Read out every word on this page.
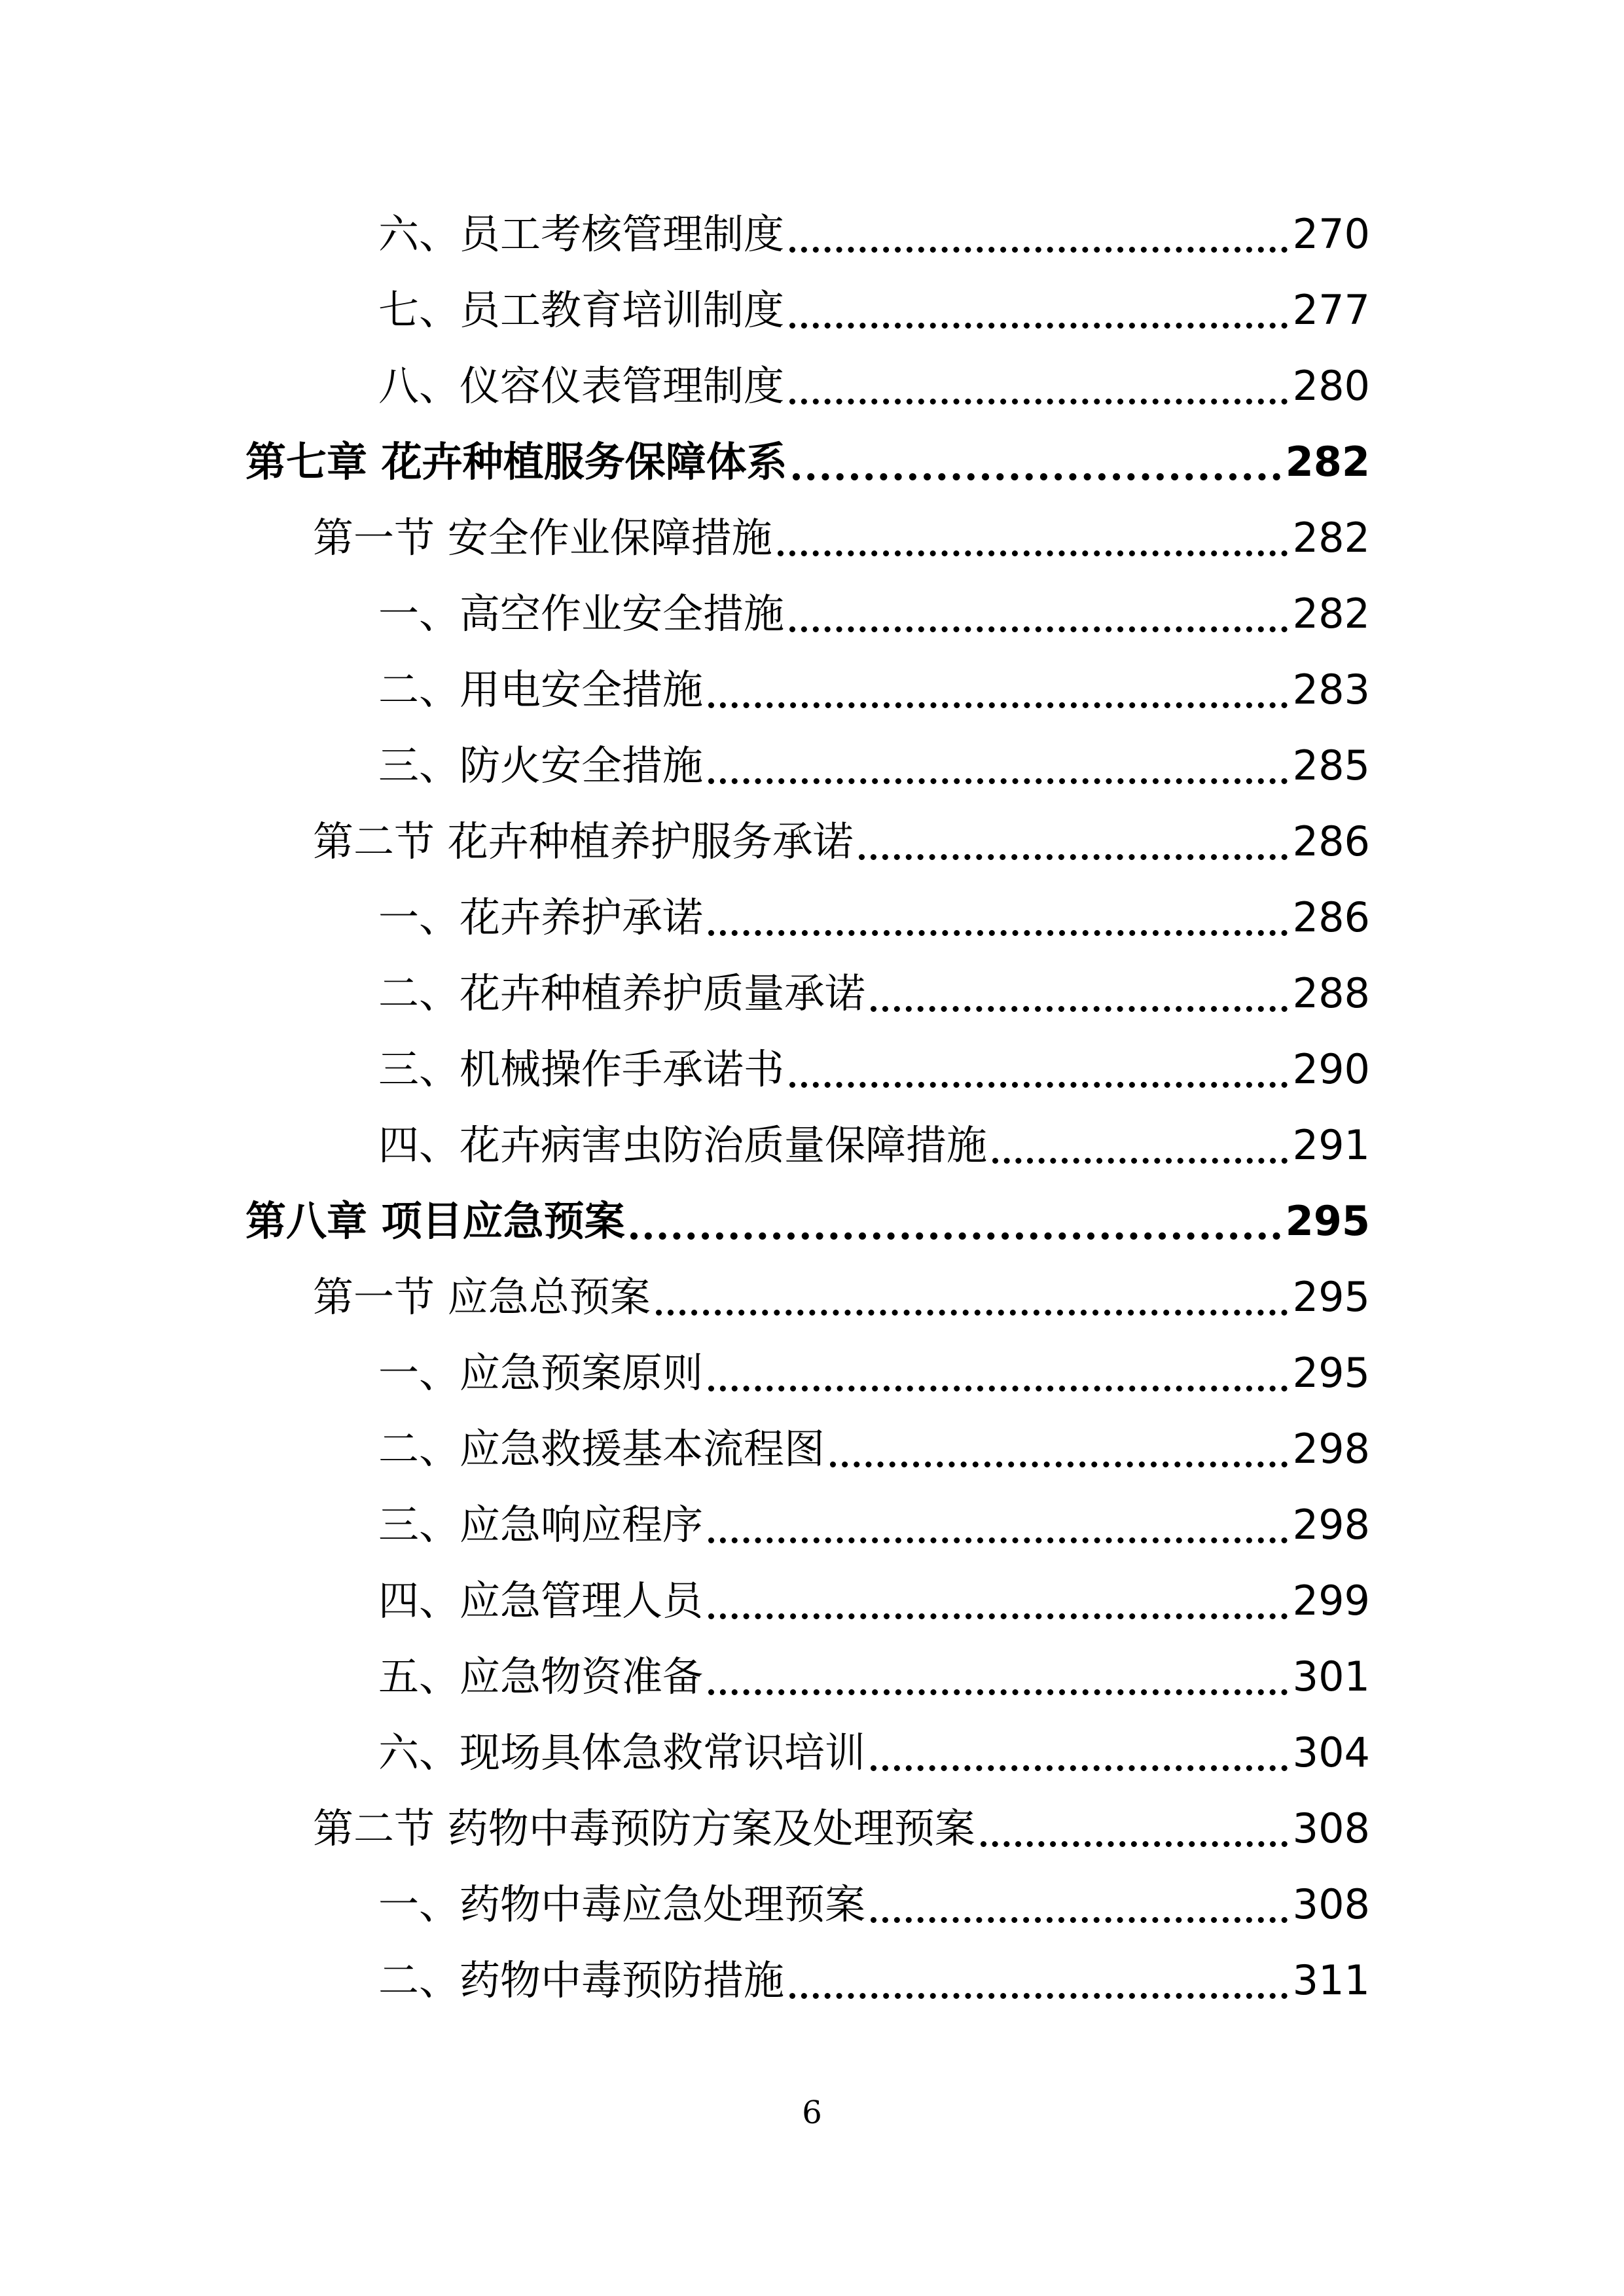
六、员工考核管理制度	270
七、员工教育培训制度	277
八、仪容仪表管理制度	280
第七章 花卉种植服务保障体系	282
第一节 安全作业保障措施	282
一、高空作业安全措施	282
二、用电安全措施	283
三、防火安全措施	285
第二节 花卉种植养护服务承诺	286
一、花卉养护承诺	286
二、花卉种植养护质量承诺	288
三、机械操作手承诺书	290
四、花卉病害虫防治质量保障措施	291
第八章 项目应急预案	295
第一节 应急总预案	295
一、应急预案原则	295
二、应急救援基本流程图	298
三、应急响应程序	298
四、应急管理人员	299
五、应急物资准备	301
六、现场具体急救常识培训	304
第二节 药物中毒预防方案及处理预案	308
一、药物中毒应急处理预案	308
二、药物中毒预防措施	311
6
